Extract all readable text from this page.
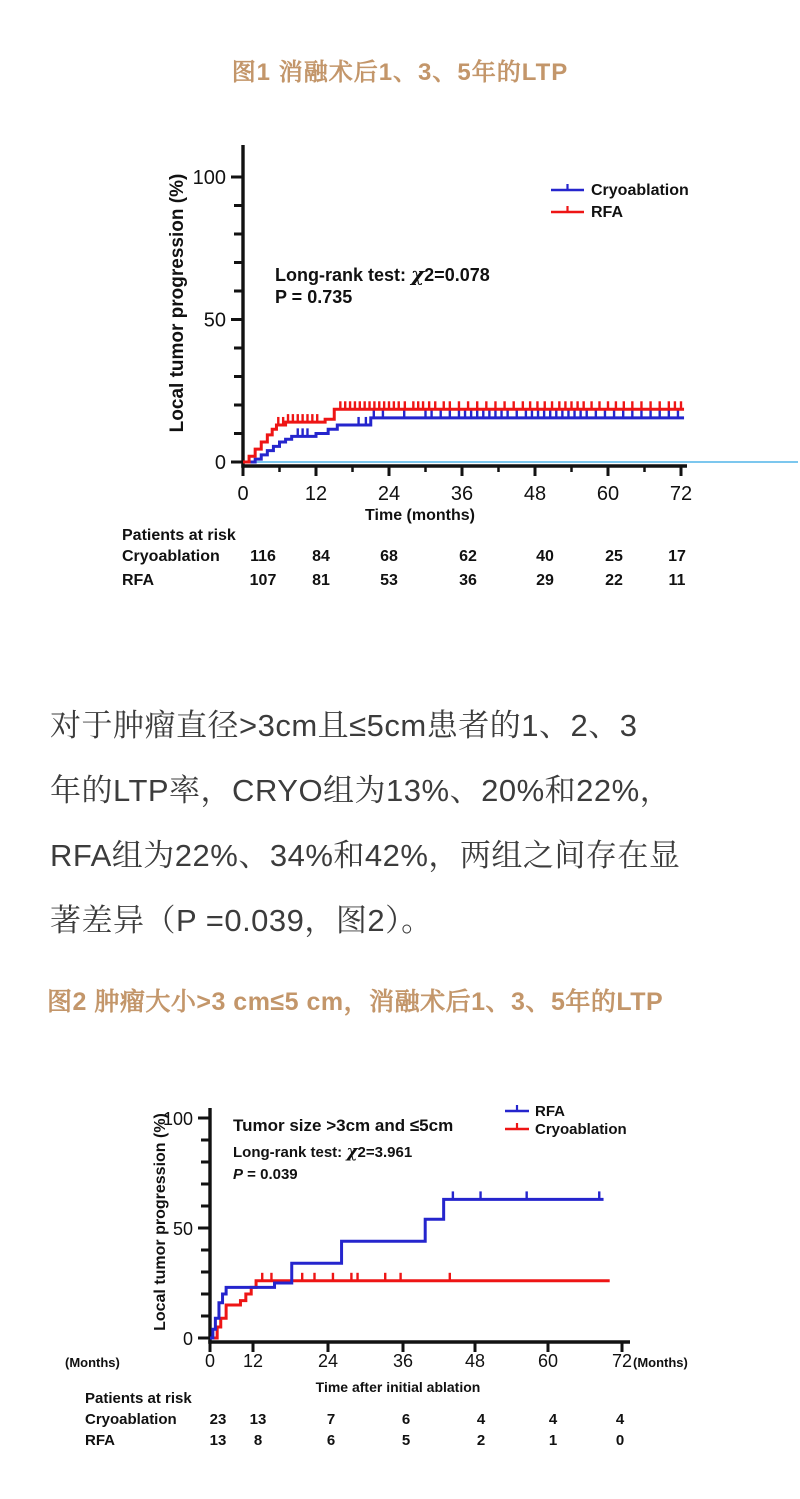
图1 消融术后1、3、5年的LTP
0
50
100
0	12	24	36	48	60	72
Time (months)
Local tumor progression (%)	Long-rank test: χ2=0.078
P = 0.735
Cryoablation
RFA
Patients at risk
Cryoablation 116 84	68	62	40	25	17
RFA	107 81	53	36	29	22	11
0
50
100
0 12	24	36	48	60	72
Time after initial ablation
Local tumor progression (%)
(Months)	(Months)
Tumor size >3cm and ≤5cm
Long-rank test: χ2=3.961
P = 0.039
RFA
Cryoablation
Patients at risk
Cryoablation 23 13	7	6	4	4	4
RFA	13 8	6	5	2	1	0
对于肿瘤直径>3cm且≤5cm患者的1、2、3
年的LTP率，CRYO组为13%、20%和22%，
RFA组为22%、34%和42%，两组之间存在显
著差异（P =0.039，图2）。
图2 肿瘤大小>3 cm≤5 cm，消融术后1、3、5年的LTP
